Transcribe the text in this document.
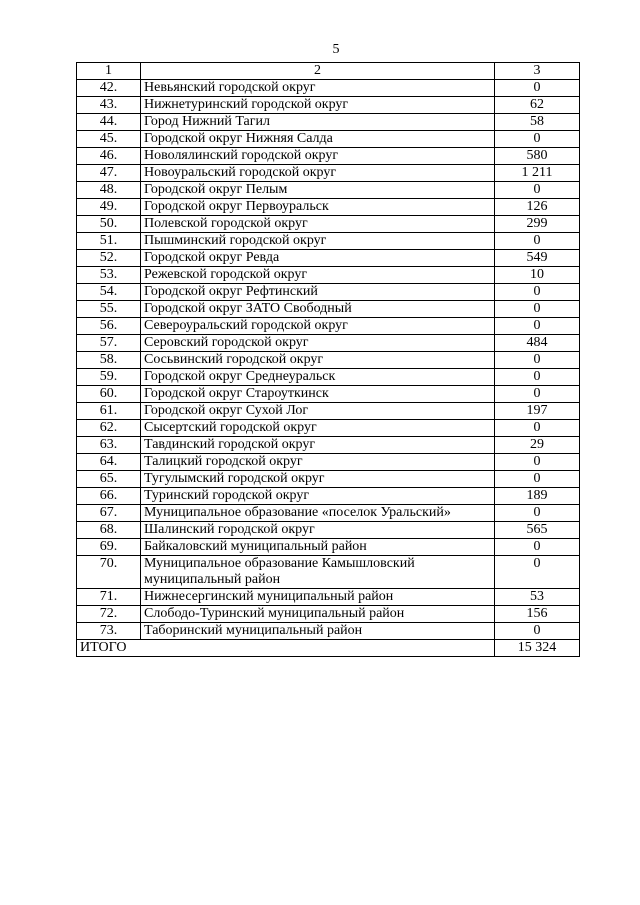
5
1	2	3
42.	Невьянский городской округ	0
43.	Нижнетуринский городской округ	62
44.	Город Нижний Тагил	58
45.	Городской округ Нижняя Салда	0
46.	Новолялинский городской округ	580
47.	Новоуральский городской округ	1 211
48.	Городской округ Пелым	0
49.	Городской округ Первоуральск	126
50.	Полевской городской округ	299
51.	Пышминский городской округ	0
52.	Городской округ Ревда	549
53.	Режевской городской округ	10
54.	Городской округ Рефтинский	0
55.	Городской округ ЗАТО Свободный	0
56.	Североуральский городской округ	0
57.	Серовский городской округ	484
58.	Сосьвинский городской округ	0
59.	Городской округ Среднеуральск	0
60.	Городской округ Староуткинск	0
61.	Городской округ Сухой Лог	197
62.	Сысертский городской округ	0
63.	Тавдинский городской округ	29
64.	Талицкий городской округ	0
65.	Тугулымский городской округ	0
66.	Туринский городской округ	189
67.	Муниципальное образование «поселок Уральский»	0
68.	Шалинский городской округ	565
69.	Байкаловский муниципальный район	0
70.	Муниципальное образование Камышловский муниципальный район	0
71.	Нижнесергинский муниципальный район	53
72.	Слободо-Туринский муниципальный район	156
73.	Таборинский муниципальный район	0
ИТОГО		15 324
